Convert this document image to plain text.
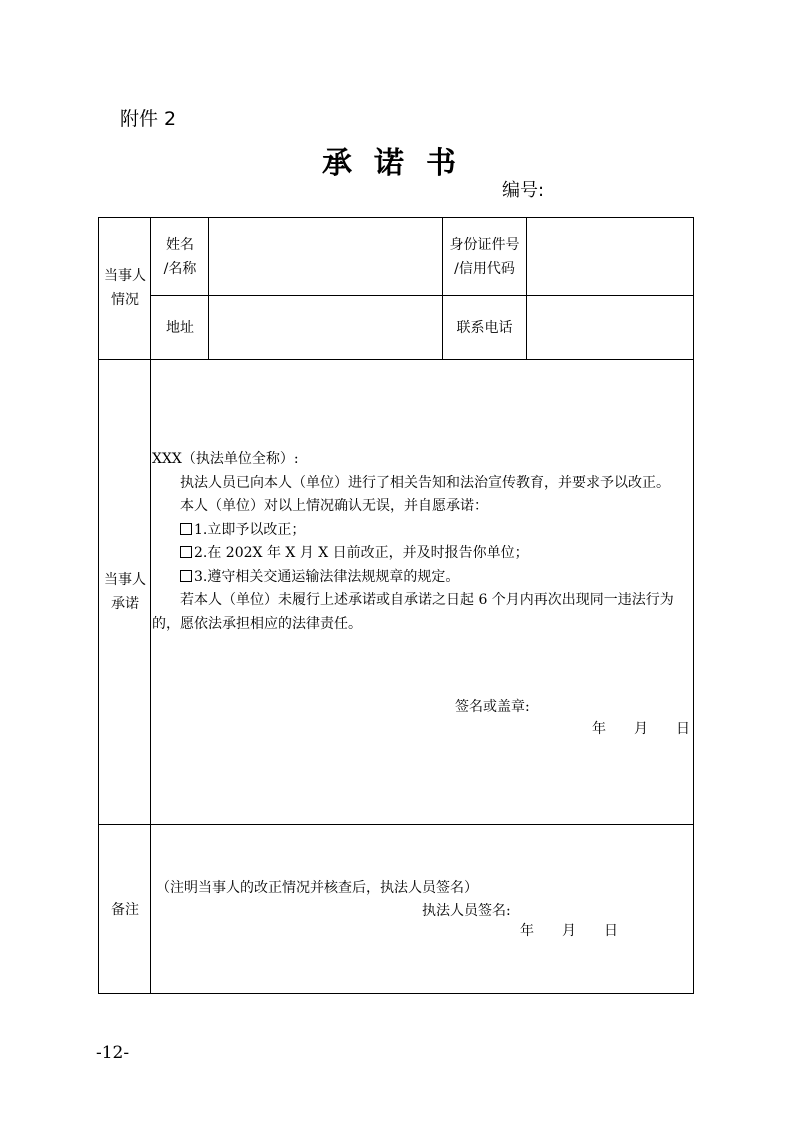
附件 2
承诺书
编号:
当事人
情况
姓名
/名称
身份证件号
/信用代码
地址	联系电话
当事人
承诺

XXX（执法单位全称）:

执法人员已向本人（单位）进行了相关告知和法治宣传教育，并要求予以改正。

本人（单位）对以上情况确认无误，并自愿承诺：

1.立即予以改正；

2.在 202X 年 X 月 X 日前改正，并及时报告你单位；

3.遵守相关交通运输法律法规规章的规定。

若本人（单位）未履行上述承诺或自承诺之日起 6 个月内再次出现同一违法行为的，愿依法承担相应的法律责任。

签名或盖章:
年　　月　　日
备注
（注明当事人的改正情况并核查后，执法人员签名）
执法人员签名:
年　　月　　日
-12-
